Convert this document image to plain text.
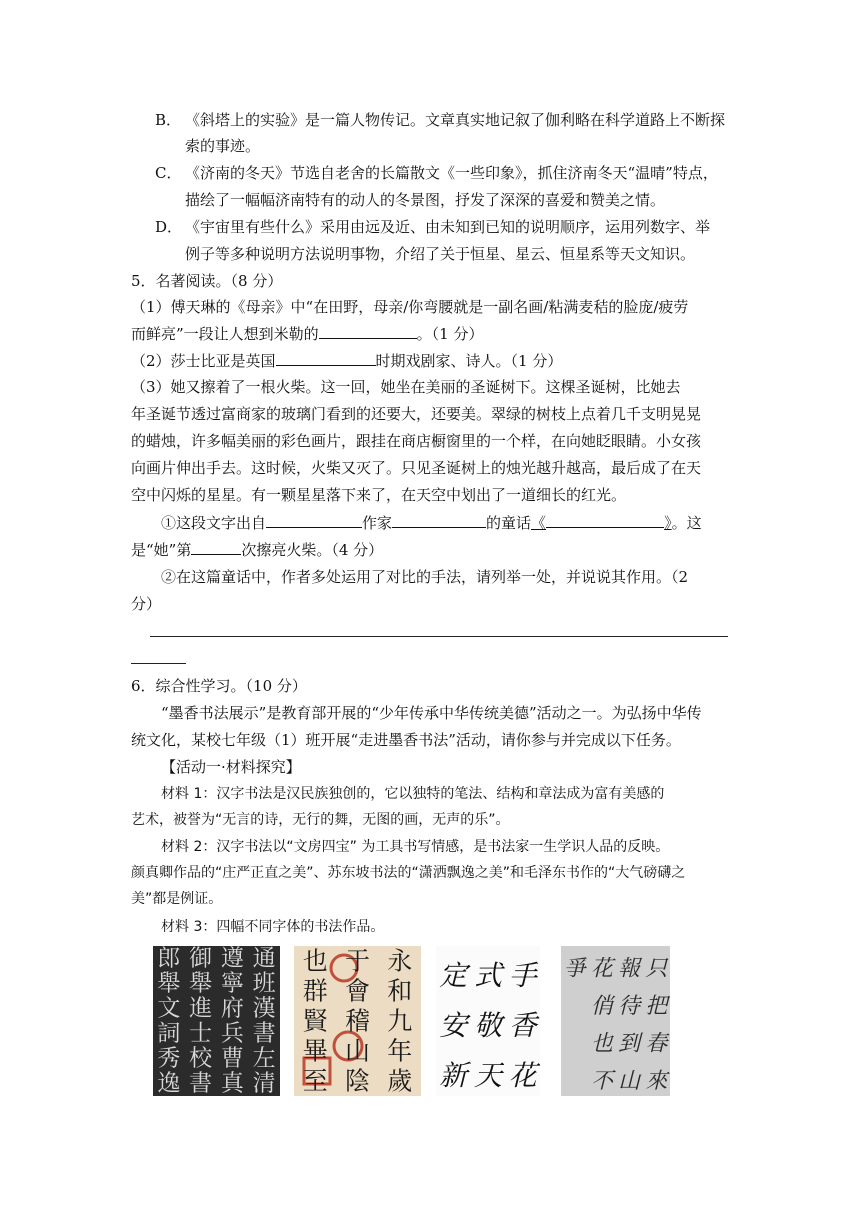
B． 《斜塔上的实验》是一篇人物传记。文章真实地记叙了伽利略在科学道路上不断探
索的事迹。
C． 《济南的冬天》节选自老舍的长篇散文《一些印象》，抓住济南冬天“温晴”特点，
描绘了一幅幅济南特有的动人的冬景图，抒发了深深的喜爱和赞美之情。
D． 《宇宙里有些什么》采用由远及近、由未知到已知的说明顺序，运用列数字、举
例子等多种说明方法说明事物，介绍了关于恒星、星云、恒星系等天文知识。
5．名著阅读。（8 分）
（1）傅天琳的《母亲》中“在田野，母亲/你弯腰就是一副名画/粘满麦秸的脸庞/疲劳
而鲜亮”一段让人想到米勒的	。（1 分）
（2）莎士比亚是英国	时期戏剧家、诗人。（1 分）
（3）她又擦着了一根火柴。这一回，她坐在美丽的圣诞树下。这棵圣诞树，比她去
年圣诞节透过富商家的玻璃门看到的还要大，还要美。翠绿的树枝上点着几千支明晃晃
的蜡烛，许多幅美丽的彩色画片，跟挂在商店橱窗里的一个样，在向她眨眼睛。小女孩
向画片伸出手去。这时候，火柴又灭了。只见圣诞树上的烛光越升越高，最后成了在天
空中闪烁的星星。有一颗星星落下来了，在天空中划出了一道细长的红光。
①这段文字出自	作家	的童话《	》。这
是“她”第	次擦亮火柴。（4 分）
②在这篇童话中，作者多处运用了对比的手法，请列举一处，并说说其作用。（2
分）
6．综合性学习。（10 分）
“墨香书法展示”是教育部开展的“少年传承中华传统美德”活动之一。为弘扬中华传
统文化，某校七年级（1）班开展“走进墨香书法”活动，请你参与并完成以下任务。
【活动一·材料探究】
材料 1：汉字书法是汉民族独创的，它以独特的笔法、结构和章法成为富有美感的
艺术，被誉为“无言的诗，无行的舞，无图的画，无声的乐”。
材料 2：汉字书法以“文房四宝” 为工具书写情感，是书法家一生学识人品的反映。
颜真卿作品的“庄严正直之美”、苏东坡书法的“潇洒飘逸之美”和毛泽东书作的“大气磅礴之
美”都是例证。
材料 3：四幅不同字体的书法作品。
通
班
漢
書
左
清
遵
寧
府
兵
曹
真
御
舉
進
士
校
書
郎
舉
文
詞
秀
逸
永
和
九
年
歲
于
會
稽
山
陰
也
群
賢
畢
至
手
香
花
式
敬
天
定
安
新
只
把
春
來
報
待
到
山
花
俏
也
不
爭
